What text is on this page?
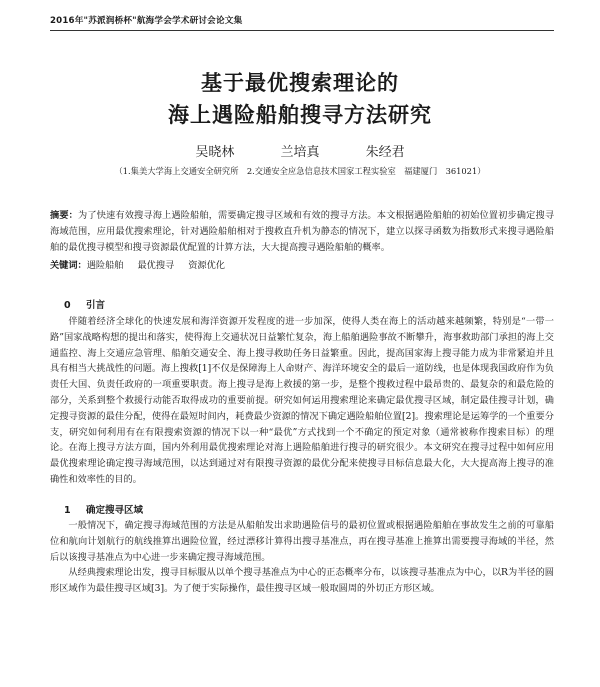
2016年"苏派润桥杯"航海学会学术研讨会论文集
基于最优搜索理论的
海上遇险船舶搜寻方法研究
吴晓林	兰培真	朱经君
（1.集美大学海上交通安全研究所　2.交通安全应急信息技术国家工程实验室　福建厦门　361021）
摘要：为了快速有效搜寻海上遇险船舶，需要确定搜寻区域和有效的搜寻方法。本文根据遇险船舶的初始位置初步确定搜寻海域范围，应用最优搜索理论，针对遇险船舶相对于搜救直升机为静态的情况下，建立以探寻函数为指数形式来搜寻遇险船舶的最优搜寻模型和搜寻资源最优配置的计算方法，大大提高搜寻遇险船舶的概率。
关键词：遇险船舶 最优搜寻 资源优化
0 引言
伴随着经济全球化的快速发展和海洋资源开发程度的进一步加深，使得人类在海上的活动越来越频繁，特别是“一带一路”国家战略构想的提出和落实，使得海上交通状况日益繁忙复杂，海上船舶遇险事故不断攀升，海事救助部门承担的海上交通监控、海上交通应急管理、船舶交通安全、海上搜寻救助任务日益繁重。因此，提高国家海上搜寻能力成为非常紧迫并且具有相当大挑战性的问题。海上搜救[1]不仅是保障海上人命财产、海洋环境安全的最后一道防线，也是体现我国政府作为负责任大国、负责任政府的一项重要职责。海上搜寻是海上救援的第一步，是整个搜救过程中最昂贵的、最复杂的和最危险的部分，关系到整个救援行动能否取得成功的重要前提。研究如何运用搜索理论来确定最优搜寻区域，制定最佳搜寻计划，确定搜寻资源的最佳分配，使得在最短时间内，耗费最少资源的情况下确定遇险船舶位置[2]。搜索理论是运筹学的一个重要分支，研究如何利用有在有限搜索资源的情况下以一种“最优”方式找到一个不确定的预定对象（通常被称作搜索目标）的理论。在海上搜寻方法方面，国内外利用最优搜索理论对海上遇险船舶进行搜寻的研究很少。本文研究在搜寻过程中如何应用最优搜索理论确定搜寻海域范围，以达到通过对有限搜寻资源的最优分配来使搜寻目标信息最大化，大大提高海上搜寻的准确性和效率性的目的。
1 确定搜寻区域

一般情况下，确定搜寻海域范围的方法是从船舶发出求助遇险信号的最初位置或根据遇险船舶在事故发生之前的可靠船位和航向计划航行的航线推算出遇险位置，经过漂移计算得出搜寻基准点，再在搜寻基准上推算出需要搜寻海域的半径，然后以该搜寻基准点为中心进一步来确定搜寻海域范围。

从经典搜索理论出发，搜寻目标服从以单个搜寻基准点为中心的正态概率分布，以该搜寻基准点为中心，以R为半径的圆形区域作为最佳搜寻区域[3]。为了便于实际操作，最佳搜寻区域一般取圆周的外切正方形区域。
